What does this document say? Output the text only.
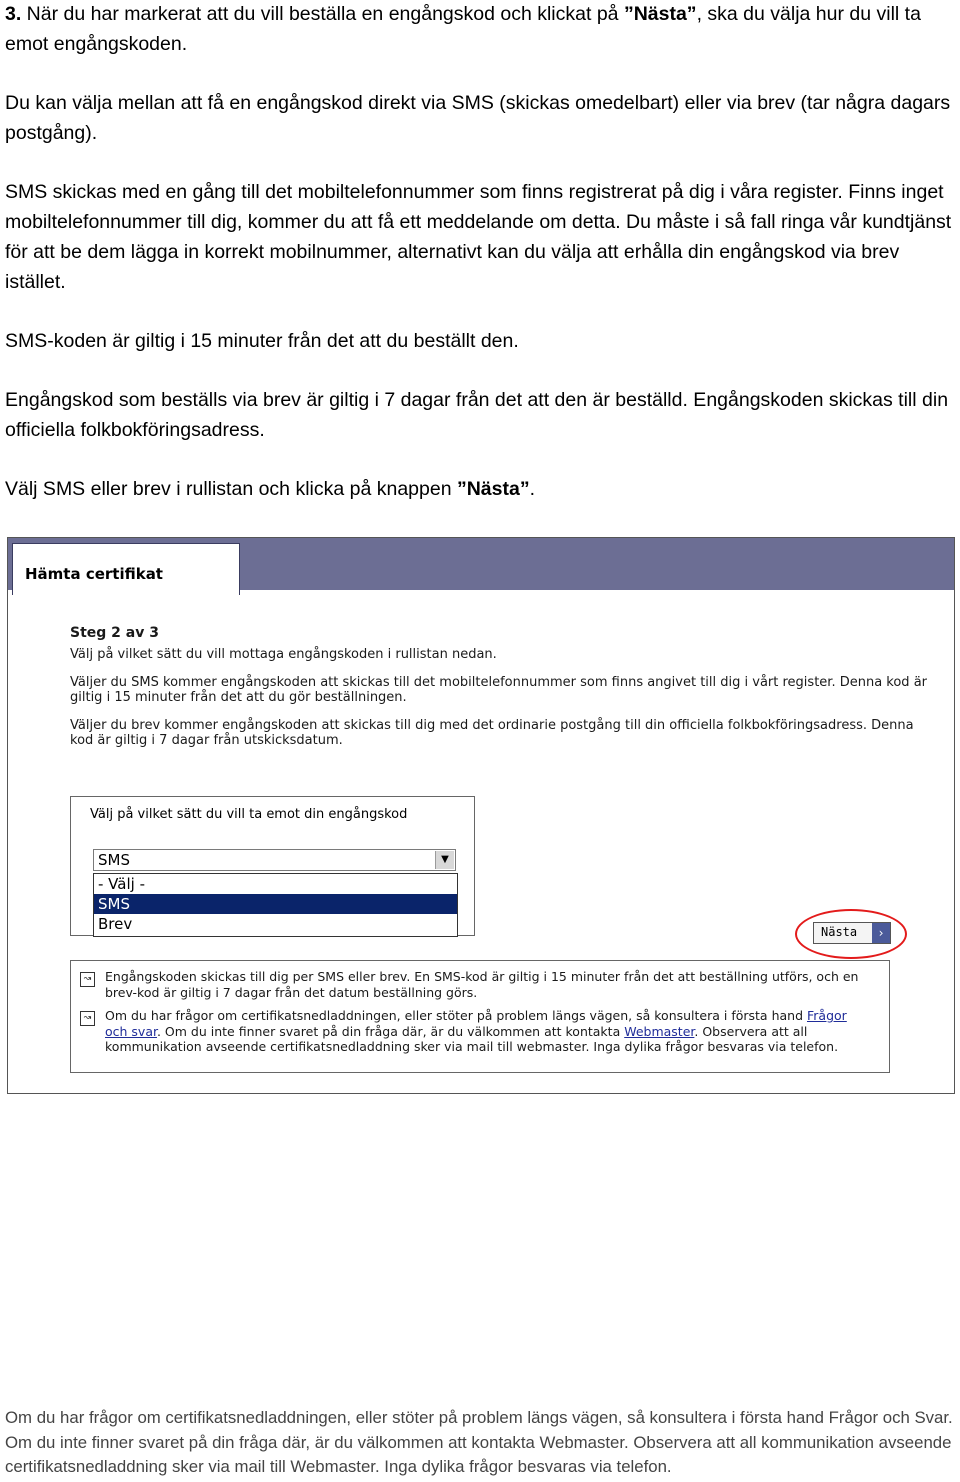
3. När du har markerat att du vill beställa en engångskod och klickat på ”Nästa”, ska du välja hur du vill ta emot engångskoden.

Du kan välja mellan att få en engångskod direkt via SMS (skickas omedelbart) eller via brev (tar några dagars postgång).

SMS skickas med en gång till det mobiltelefonnummer som finns registrerat på dig i våra register. Finns inget mobiltelefonnummer till dig, kommer du att få ett meddelande om detta. Du måste i så fall ringa vår kundtjänst för att be dem lägga in korrekt mobilnummer, alternativt kan du välja att erhålla din engångskod via brev istället.

SMS-koden är giltig i 15 minuter från det att du beställt den.

Engångskod som beställs via brev är giltig i 7 dagar från det att den är beställd. Engångskoden skickas till din officiella folkbokföringsadress.

Välj SMS eller brev i rullistan och klicka på knappen ”Nästa”.

Hämta certifikat
Steg 2 av 3

Välj på vilket sätt du vill mottaga engångskoden i rullistan nedan.

Väljer du SMS kommer engångskoden att skickas till det mobiltelefonnummer som finns angivet till dig i vårt register. Denna kod är giltig i 15 minuter från det att du gör beställningen.

Väljer du brev kommer engångskoden att skickas till dig med det ordinarie postgång till din officiella folkbokföringsadress. Denna kod är giltig i 7 dagar från utskicksdatum.

Välj på vilket sätt du vill ta emot din engångskod
SMS	▼
- Välj -
SMS
Brev	Nästa	›
↝ Engångskoden skickas till dig per SMS eller brev. En SMS-kod är giltig i 15 minuter från det att beställning utförs, och en brev-kod är giltig i 7 dagar från det datum beställning görs.
↝ Om du har frågor om certifikatsnedladdningen, eller stöter på problem längs vägen, så konsultera i första hand Frågor och svar. Om du inte finner svaret på din fråga där, är du välkommen att kontakta Webmaster. Observera att all kommunikation avseende certifikatsnedladdning sker via mail till webmaster. Inga dylika frågor besvaras via telefon.
Om du har frågor om certifikatsnedladdningen, eller stöter på problem längs vägen, så konsultera i första hand Frågor och Svar. Om du inte finner svaret på din fråga där, är du välkommen att kontakta Webmaster. Observera att all kommunikation avseende certifikatsnedladdning sker via mail till Webmaster. Inga dylika frågor besvaras via telefon.
